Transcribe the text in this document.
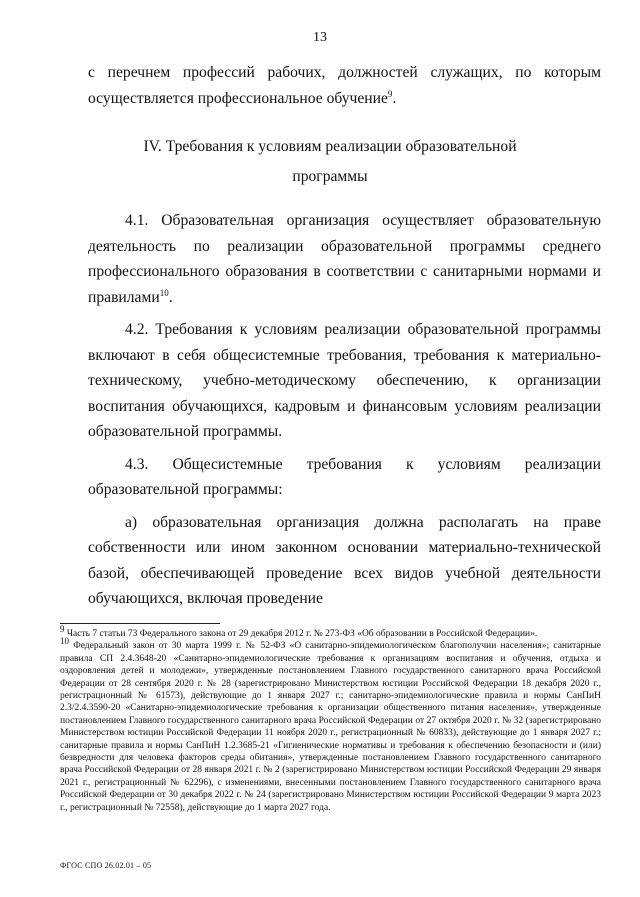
13

с перечнем профессий рабочих, должностей служащих, по которым осуществляется профессиональное обучение$^9$.

IV. Требования к условиям реализации образовательной
программы

4.1. Образовательная организация осуществляет образовательную деятельность по реализации образовательной программы среднего профессионального образования в соответствии с санитарными нормами и правилами$^{10}$.

4.2. Требования к условиям реализации образовательной программы включают в себя общесистемные требования, требования к материально-техническому, учебно-методическому обеспечению, к организации воспитания обучающихся, кадровым и финансовым условиям реализации образовательной программы.

4.3. Общесистемные требования к условиям реализации образовательной программы:

а) образовательная организация должна располагать на праве собственности или ином законном основании материально-технической базой, обеспечивающей проведение всех видов учебной деятельности обучающихся, включая проведение

$^9$ Часть 7 статьи 73 Федерального закона от 29 декабря 2012 г. № 273-ФЗ «Об образовании в Российской Федерации».

$^{10}$ Федеральный закон от 30 марта 1999 г. № 52-ФЗ «О санитарно-эпидемиологическом благополучии населения»; санитарные правила СП 2.4.3648-20 «Санитарно-эпидемиологические требования к организациям воспитания и обучения, отдыха и оздоровления детей и молодежи», утвержденные постановлением Главного государственного санитарного врача Российской Федерации от 28 сентября 2020 г. № 28 (зарегистрировано Министерством юстиции Российской Федерации 18 декабря 2020 г., регистрационный № 61573), действующие до 1 января 2027 г.; санитарно-эпидемиологические правила и нормы СанПиН 2.3/2.4.3590-20 «Санитарно-эпидемиологические требования к организации общественного питания населения», утвержденные постановлением Главного государственного санитарного врача Российской Федерации от 27 октября 2020 г. № 32 (зарегистрировано Министерством юстиции Российской Федерации 11 ноября 2020 г., регистрационный № 60833), действующие до 1 января 2027 г.; санитарные правила и нормы СанПиН 1.2.3685-21 «Гигиенические нормативы и требования к обеспечению безопасности и (или) безвредности для человека факторов среды обитания», утвержденные постановлением Главного государственного санитарного врача Российской Федерации от 28 января 2021 г. № 2 (зарегистрировано Министерством юстиции Российской Федерации 29 января 2021 г., регистрационный № 62296), с изменениями, внесенными постановлением Главного государственного санитарного врача Российской Федерации от 30 декабря 2022 г. № 24 (зарегистрировано Министерством юстиции Российской Федерации 9 марта 2023 г., регистрационный № 72558), действующие до 1 марта 2027 года.

ФГОС СПО 26.02.01 – 05
